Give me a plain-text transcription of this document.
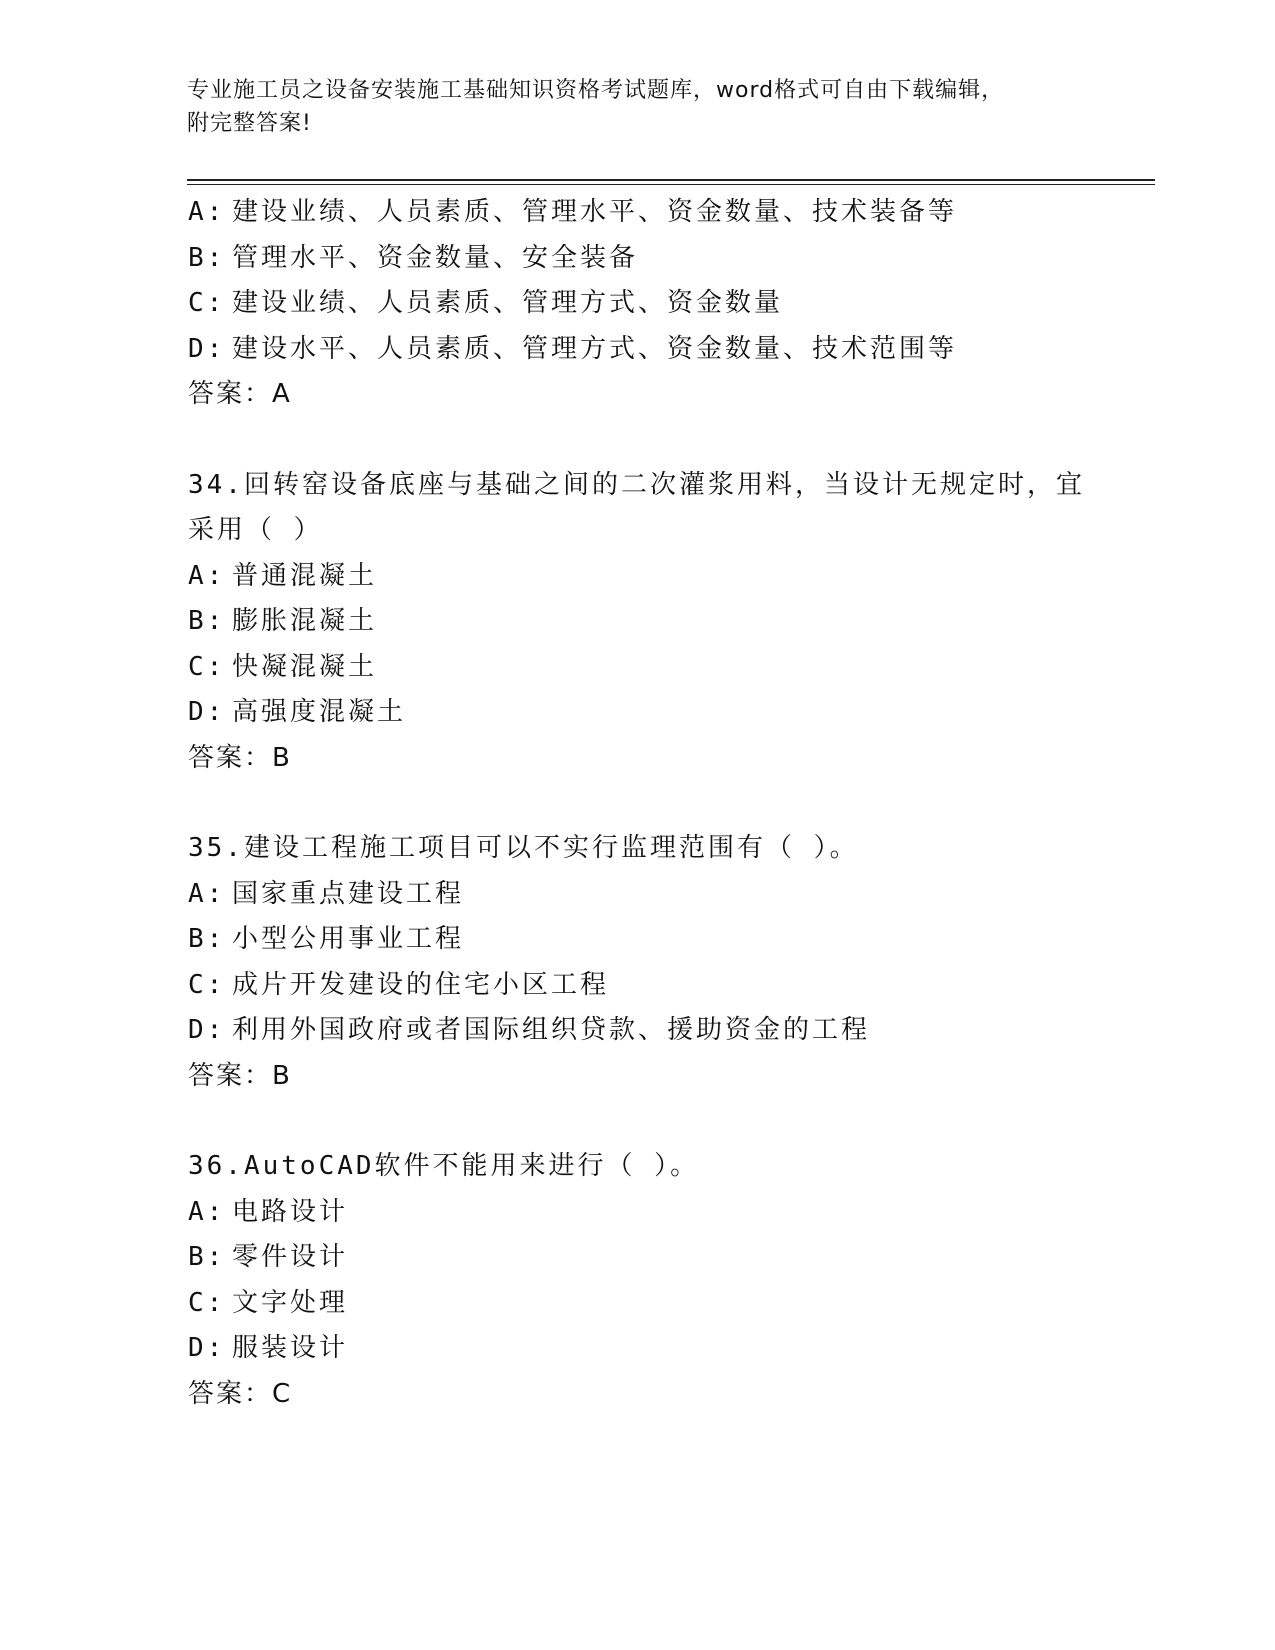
专业施工员之设备安装施工基础知识资格考试题库，word格式可自由下载编辑，
附完整答案!
A: 建设业绩、人员素质、管理水平、资金数量、技术装备等
B: 管理水平、资金数量、安全装备
C: 建设业绩、人员素质、管理方式、资金数量
D: 建设水平、人员素质、管理方式、资金数量、技术范围等
答案：A
34.回转窑设备底座与基础之间的二次灌浆用料，当设计无规定时，宜
采用（ ）
A: 普通混凝土
B: 膨胀混凝土
C: 快凝混凝土
D: 高强度混凝土
答案：B
35.建设工程施工项目可以不实行监理范围有（ ）。
A: 国家重点建设工程
B: 小型公用事业工程
C: 成片开发建设的住宅小区工程
D: 利用外国政府或者国际组织贷款、援助资金的工程
答案：B
36.AutoCAD软件不能用来进行（ ）。
A: 电路设计
B: 零件设计
C: 文字处理
D: 服装设计
答案：C
